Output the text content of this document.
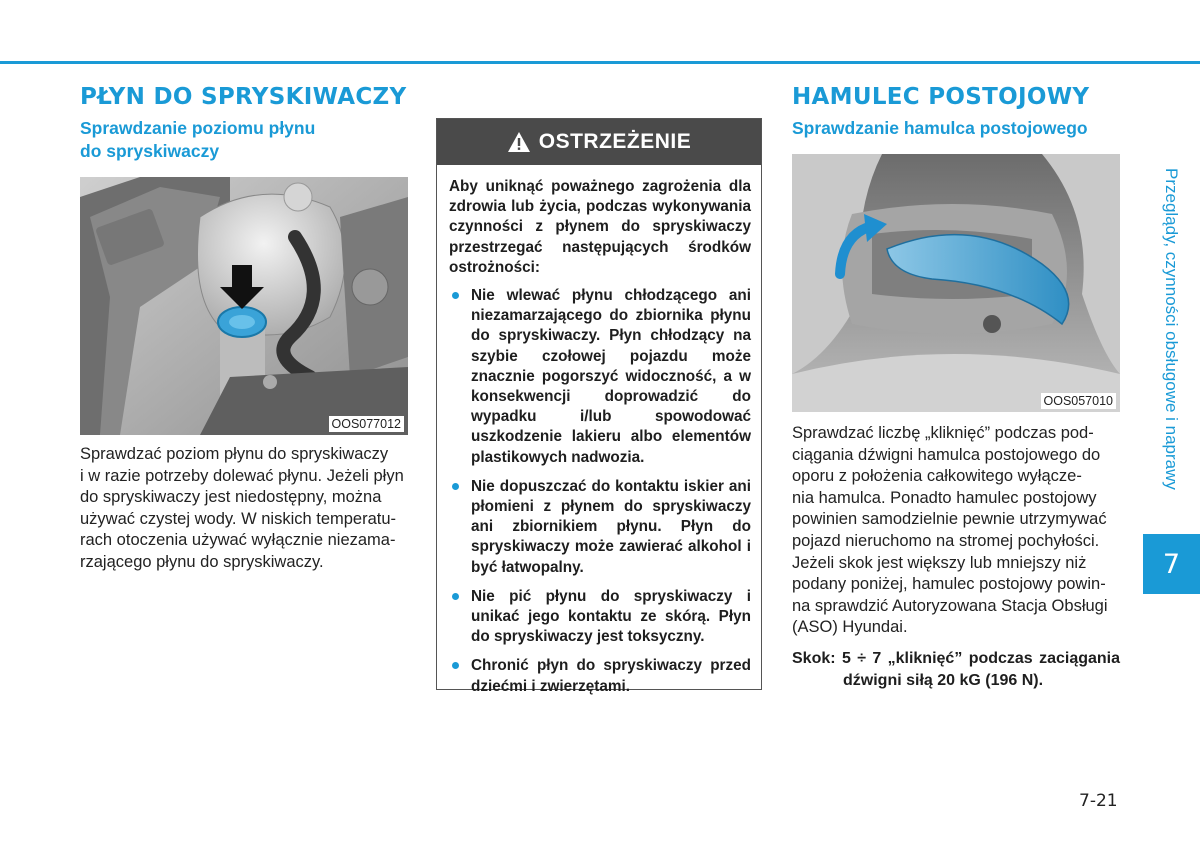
PŁYN DO SPRYSKIWACZY
Sprawdzanie poziomu płynu
do spryskiwaczy
OOS077012
Sprawdzać poziom płynu do spryskiwaczy
i w razie potrzeby dolewać płynu. Jeżeli płyn
do spryskiwaczy jest niedostępny, można
używać czystej wody. W niskich temperatu-
rach otoczenia używać wyłącznie niezama-
rzającego płynu do spryskiwaczy.
OSTRZEŻENIE

Aby uniknąć poważnego zagrożenia dla zdrowia lub życia, podczas wykonywania czynności z płynem do spryskiwaczy przestrzegać następujących środków ostrożności:

Nie wlewać płynu chłodzącego ani niezamarzającego do zbiornika płynu do spryskiwaczy. Płyn chłodzący na szybie czołowej pojazdu może znacznie pogorszyć widoczność, a w konsekwencji doprowadzić do wypadku i/lub spowodować uszkodzenie lakieru albo elementów plastikowych nadwozia.
Nie dopuszczać do kontaktu iskier ani płomieni z płynem do spryskiwaczy ani zbiornikiem płynu. Płyn do spryskiwaczy może zawierać alkohol i być łatwopalny.
Nie pić płynu do spryskiwaczy i unikać jego kontaktu ze skórą. Płyn do spryskiwaczy jest toksyczny.
Chronić płyn do spryskiwaczy przed dziećmi i zwierzętami.
HAMULEC POSTOJOWY
Sprawdzanie hamulca postojowego
OOS057010
Sprawdzać liczbę „kliknięć” podczas pod-
ciągania dźwigni hamulca postojowego do
oporu z położenia całkowitego wyłącze-
nia hamulca. Ponadto hamulec postojowy
powinien samodzielnie pewnie utrzymywać
pojazd nieruchomo na stromej pochyłości.
Jeżeli skok jest większy lub mniejszy niż
podany poniżej, hamulec postojowy powin-
na sprawdzić Autoryzowana Stacja Obsługi
(ASO) Hyundai.

Skok: 5 ÷ 7 „kliknięć” podczas zaciągania dźwigni siłą 20 kG (196 N).

Przeglądy, czynności obsługowe i naprawy
7
7-21
